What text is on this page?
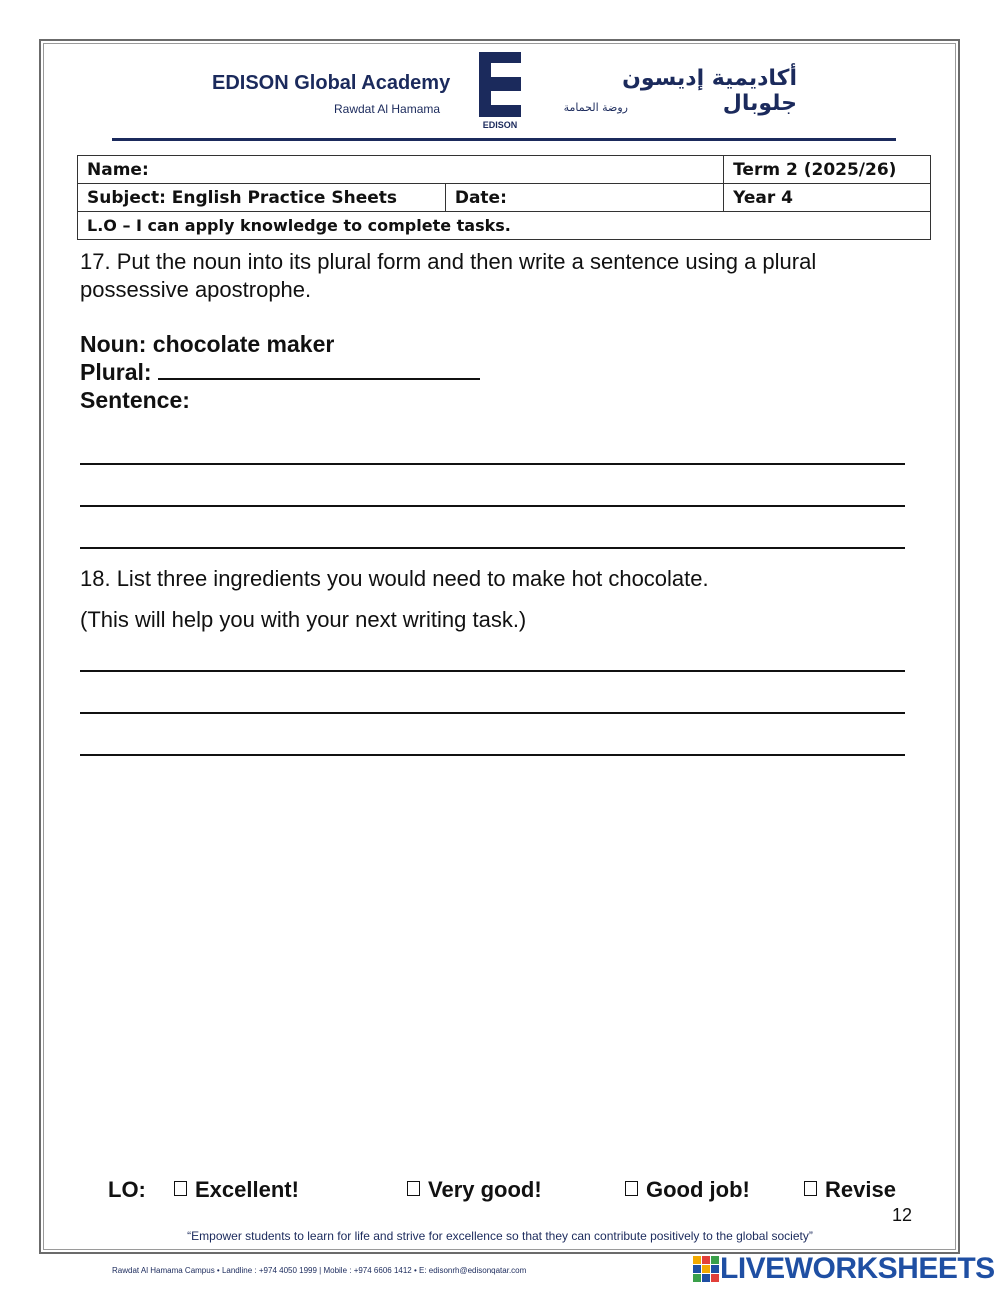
EDISON Global Academy
Rawdat Al Hamama
EDISON
أكاديمية إديسون جلوبال
روضة الحمامة
Name:		Term 2 (2025/26)
Subject: English Practice Sheets	Date:	Year 4
L.O – I can apply knowledge to complete tasks.		
17. Put the noun into its plural form and then write a sentence using a plural
possessive apostrophe.
Noun: chocolate maker
Plural:
Sentence:
18. List three ingredients you would need to make hot chocolate.
(This will help you with your next writing task.)
LO:	Excellent!	Very good!	Good job!	Revise
12
“Empower students to learn for life and strive for excellence so that they can contribute positively to the global society”
Rawdat Al Hamama Campus • Landline : +974 4050 1999 | Mobile : +974 6606 1412 • E: edisonrh@edisonqatar.com	LIVEWORKSHEETS
